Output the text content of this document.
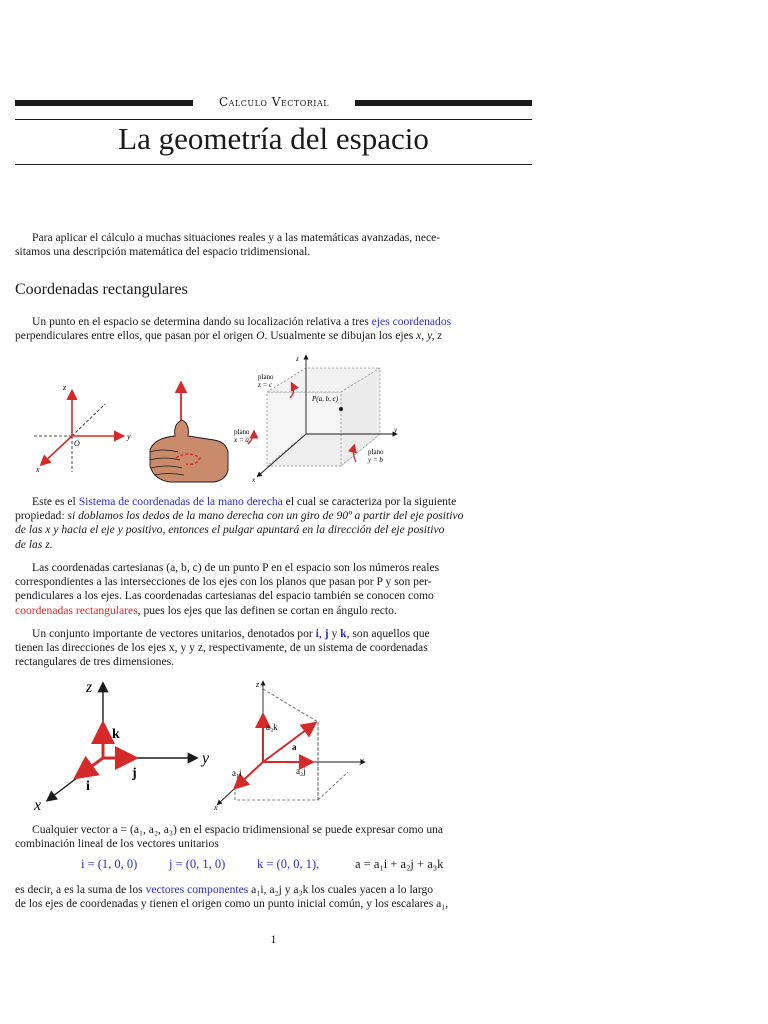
Calculo Vectorial
La geometría del espacio
Para aplicar el cálculo a muchas situaciones reales y a las matemáticas avanzadas, nece-
sitamos una descripción matemática del espacio tridimensional.
Coordenadas rectangulares
Un punto en el espacio se determina dando su localización relativa a tres ejes coordenados
perpendiculares entre ellos, que pasan por el origen O. Usualmente se dibujan los ejes x, y, z
z
y
x
O
z
y
x
P(a, b, c)
plano
z = c
plano
x = a
plano
y = b
Este es el Sistema de coordenadas de la mano derecha el cual se caracteriza por la siguiente
propiedad: si doblamos los dedos de la mano derecha con un giro de 90º a partir del eje positivo
de las x y hacia el eje y positivo, entonces el pulgar apuntará en la dirección del eje positivo
de las z.
Las coordenadas cartesianas (a, b, c) de un punto P en el espacio son los números reales
correspondientes a las intersecciones de los ejes con los planos que pasan por P y son per-
pendiculares a los ejes. Las coordenadas cartesianas del espacio también se conocen como
coordenadas rectangulares, pues los ejes que las definen se cortan en ángulo recto.
Un conjunto importante de vectores unitarios, denotados por i, j y k, son aquellos que
tienen las direcciones de los ejes x, y y z, respectivamente, de un sistema de coordenadas
rectangulares de tres dimensiones.
z
y
x
k
j
i
z
y
x
a₃k
a
a₂j
a₁i
Cualquier vector a = (a₁, a₂, a₃) en el espacio tridimensional se puede expresar como una
combinación lineal de los vectores unitarios
i = (1, 0, 0)	j = (0, 1, 0)	k = (0, 0, 1),	a = a₁i + a₂j + a₃k
es decir, a es la suma de los vectores componentes a₁i, a₂j y a₃k los cuales yacen a lo largo
de los ejes de coordenadas y tienen el origen como un punto inicial común, y los escalares a₁,
1
